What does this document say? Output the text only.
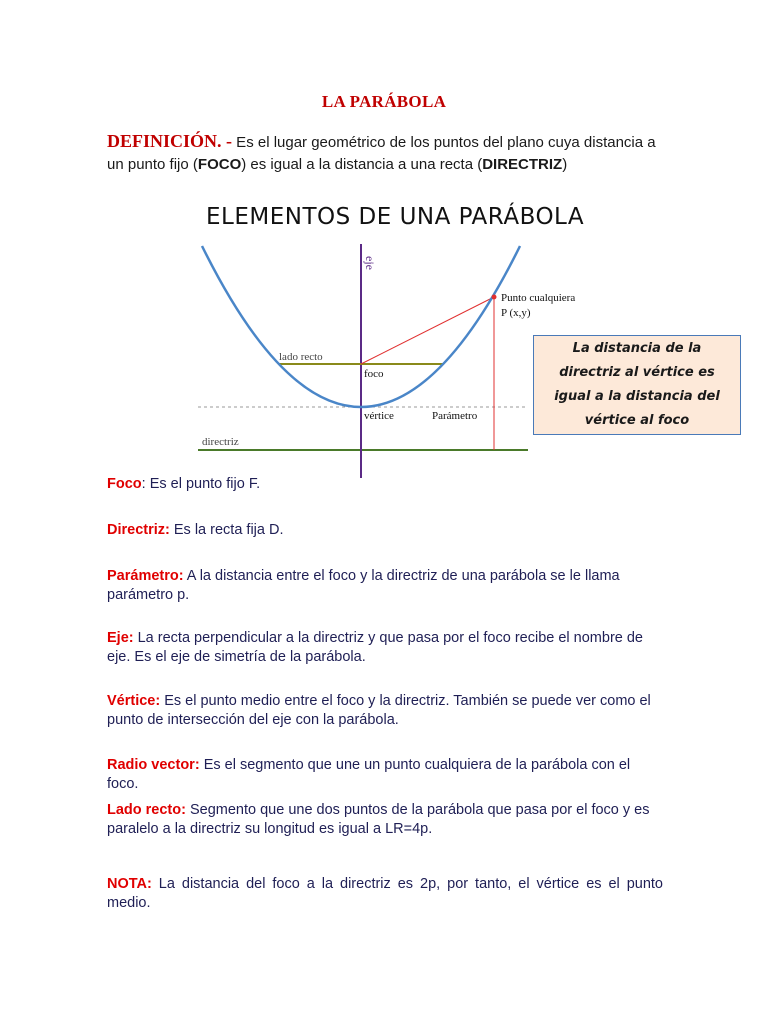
LA PARÁBOLA
DEFINICIÓN. - Es el lugar geométrico de los puntos del plano cuya distancia a un punto fijo (FOCO) es igual a la distancia a una recta (DIRECTRIZ)
ELEMENTOS DE UNA PARÁBOLA
eje
Punto cualquiera
P (x,y)
lado recto
foco
vértice	Parámetro
directriz
La distancia de la directriz al vértice es igual a la distancia del vértice al foco
Foco: Es el punto fijo F.
Directriz: Es la recta fija D.
Parámetro: A la distancia entre el foco y la directriz de una parábola se le llama parámetro p.
Eje: La recta perpendicular a la directriz y que pasa por el foco recibe el nombre de eje. Es el eje de simetría de la parábola.
Vértice: Es el punto medio entre el foco y la directriz. También se puede ver como el punto de intersección del eje con la parábola.
Radio vector: Es el segmento que une un punto cualquiera de la parábola con el foco.
Lado recto: Segmento que une dos puntos de la parábola que pasa por el foco y es paralelo a la directriz su longitud es igual a LR=4p.
NOTA: La distancia del foco a la directriz es 2p, por tanto, el vértice es el punto medio.
